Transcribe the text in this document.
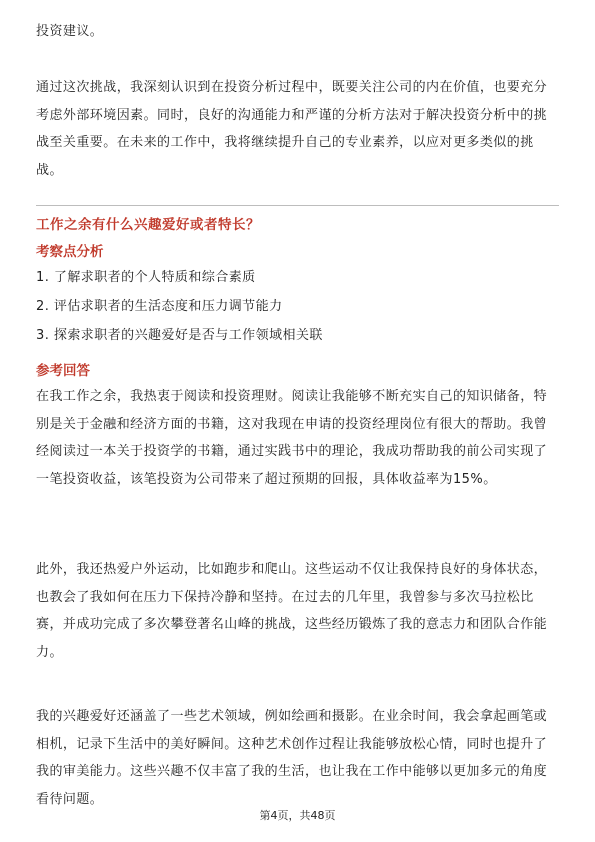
投资建议。

通过这次挑战，我深刻认识到在投资分析过程中，既要关注公司的内在价值，也要充分考虑外部环境因素。同时，良好的沟通能力和严谨的分析方法对于解决投资分析中的挑战至关重要。在未来的工作中，我将继续提升自己的专业素养，以应对更多类似的挑战。

工作之余有什么兴趣爱好或者特长？
考察点分析
1. 了解求职者的个人特质和综合素质
2. 评估求职者的生活态度和压力调节能力
3. 探索求职者的兴趣爱好是否与工作领域相关联
参考回答

在我工作之余，我热衷于阅读和投资理财。阅读让我能够不断充实自己的知识储备，特别是关于金融和经济方面的书籍，这对我现在申请的投资经理岗位有很大的帮助。我曾经阅读过一本关于投资学的书籍，通过实践书中的理论，我成功帮助我的前公司实现了一笔投资收益，该笔投资为公司带来了超过预期的回报，具体收益率为15%。

此外，我还热爱户外运动，比如跑步和爬山。这些运动不仅让我保持良好的身体状态，也教会了我如何在压力下保持冷静和坚持。在过去的几年里，我曾参与多次马拉松比赛，并成功完成了多次攀登著名山峰的挑战，这些经历锻炼了我的意志力和团队合作能力。

我的兴趣爱好还涵盖了一些艺术领域，例如绘画和摄影。在业余时间，我会拿起画笔或相机，记录下生活中的美好瞬间。这种艺术创作过程让我能够放松心情，同时也提升了我的审美能力。这些兴趣不仅丰富了我的生活，也让我在工作中能够以更加多元的角度看待问题。

第4页，共48页
